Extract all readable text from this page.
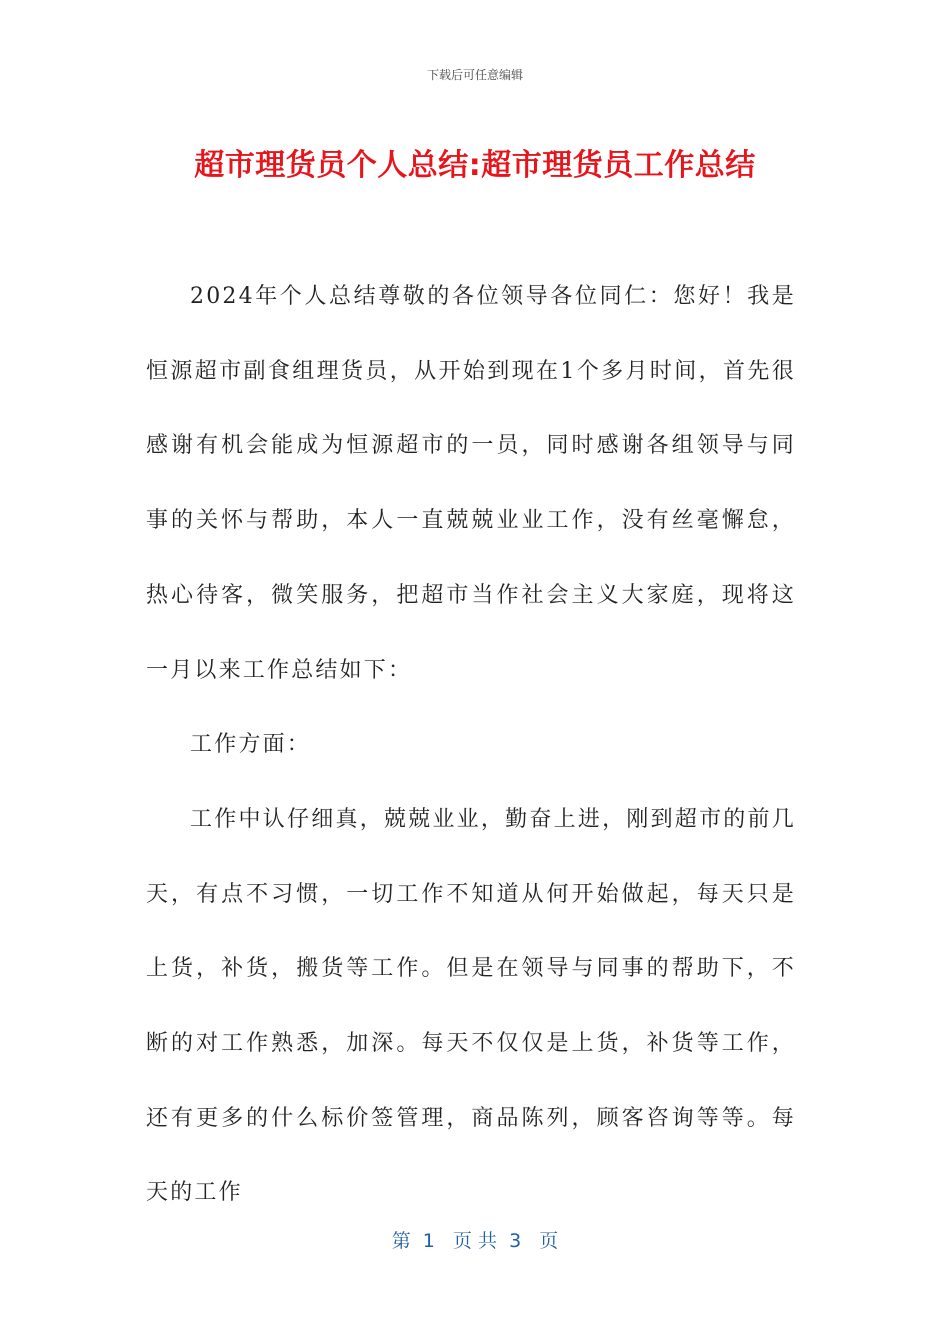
下载后可任意编辑
超市理货员个人总结:超市理货员工作总结

2024年个人总结尊敬的各位领导各位同仁：您好！我是恒源超市副食组理货员，从开始到现在1个多月时间，首先很感谢有机会能成为恒源超市的一员，同时感谢各组领导与同事的关怀与帮助，本人一直兢兢业业工作，没有丝毫懈怠，热心待客，微笑服务，把超市当作社会主义大家庭，现将这一月以来工作总结如下：

工作方面：

工作中认仔细真，兢兢业业，勤奋上进，刚到超市的前几天，有点不习惯，一切工作不知道从何开始做起，每天只是上货，补货，搬货等工作。但是在领导与同事的帮助下，不断的对工作熟悉，加深。每天不仅仅是上货，补货等工作，还有更多的什么标价签管理，商品陈列，顾客咨询等等。每天的工作

第  1   页 共  3   页
